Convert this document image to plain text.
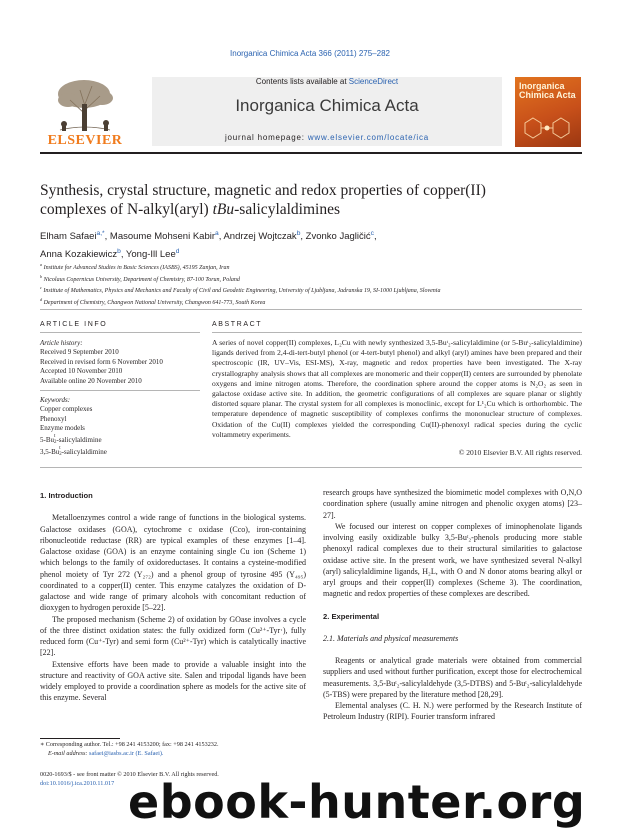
Inorganica Chimica Acta 366 (2011) 275–282
Contents lists available at ScienceDirect
Inorganica Chimica Acta
journal homepage: www.elsevier.com/locate/ica
ELSEVIER
Inorganica Chimica Acta
Synthesis, crystal structure, magnetic and redox properties of copper(II)
complexes of N-alkyl(aryl) tBu-salicylaldimines
Elham Safaei$^{a,*}$, Masoume Mohseni Kabir$^a$, Andrzej Wojtczak$^b$, Zvonko Jagličić$^c$,
Anna Kozakiewicz$^b$, Yong-Ill Lee$^d$
$^a$ Institute for Advanced Studies in Basic Sciences (IASBS), 45195 Zanjan, Iran
$^b$ Nicolaus Copernicus University, Department of Chemistry, 87-100 Torun, Poland
$^c$ Institute of Mathematics, Physics and Mechanics and Faculty of Civil and Geodetic Engineering, University of Ljubljana, Jadranska 19, SI-1000 Ljubljana, Slovenia
$^d$ Department of Chemistry, Changwon National University, Changwon 641-773, South Korea
ARTICLE INFO
Article history:
Received 9 September 2010
Received in revised form 6 November 2010
Accepted 10 November 2010
Available online 20 November 2010
Keywords:
Copper complexes
Phenoxyl
Enzyme models
5-Bu t
2 -salicylaldimine
3,5-Bu t
2 -salicylaldimine
ABSTRACT
A series of novel copper(II) complexes, L₂Cu with newly synthesized 3,5-Buᵗ₂-salicylaldimine (or 5-Buᵗ₂-salicylaldimine) ligands derived from 2,4-di-tert-butyl phenol (or 4-tert-butyl phenol) and alkyl (aryl) amines have been prepared and their spectroscopic (IR, UV–Vis, ESI-MS), X-ray, magnetic and redox properties have been investigated. The X-ray crystallography analysis shows that all complexes are monomeric and their copper(II) centers are surrounded by phenolate oxygens and imine nitrogen atoms. Therefore, the coordination sphere around the copper atoms is N₂O₂ as seen in galactose oxidase active site. In addition, the geometric configurations of all complexes are square planar or slightly distorted square planar. The crystal system for all complexes is monoclinic, except for L¹₂Cu which is orthorhombic. The temperature dependence of magnetic susceptibility of complexes confirms the mononuclear structure of complexes. Oxidation of the Cu(II) complexes yielded the corresponding Cu(II)-phenoxyl radical species during the cyclic voltammetry experiments.
© 2010 Elsevier B.V. All rights reserved.
1. Introduction

Metalloenzymes control a wide range of functions in the biological systems. Galactose oxidases (GOA), cytochrome c oxidase (Cco), iron-containing ribonucleotide reductase (RR) are typical examples of these enzymes [1–4]. Galactose oxidase (GOA) is an enzyme containing single Cu ion (Scheme 1) which belongs to the family of oxidoreductases. It contains a cysteine-modified phenol moiety of Tyr 272 (Y₂₇₂) and a phenol group of tyrosine 495 (Y₄₉₅) coordinated to a copper(II) center. This enzyme catalyzes the oxidation of D-galactose and wide range of primary alcohols with concomitant reduction of dioxygen to hydrogen peroxide [5–22].

The proposed mechanism (Scheme 2) of oxidation by GOase involves a cycle of the three distinct oxidation states: the fully oxidized form (Cu²⁺-Tyr·), fully reduced form (Cu⁺-Tyr) and semi form (Cu²⁺-Tyr) which is catalytically inactive [22].

Extensive efforts have been made to provide a valuable insight into the structure and reactivity of GOA active site. Salen and tripodal ligands have been widely employed to provide a coordination sphere as models for the active site of this enzyme. Several

research groups have synthesized the biomimetic model complexes with O,N,O coordination sphere (usually amine nitrogen and phenolic oxygen atoms) [23–27].

We focused our interest on copper complexes of iminophenolate ligands involving easily oxidizable bulky 3,5-Buᵗ₂-phenols producing more stable phenoxyl radical complexes due to their structural similarities to galactose oxidase active site. In the present work, we have synthesized several N-alkyl (aryl) salicylaldimine ligands, H₂L, with O and N donor atoms bearing alkyl or aryl groups and their copper(II) complexes (Scheme 3). The coordination, magnetic and redox properties of these complexes are described.

2. Experimental
2.1. Materials and physical measurements

Reagents or analytical grade materials were obtained from commercial suppliers and used without further purification, except those for electrochemical measurements. 3,5-Buᵗ₂-salicylaldehyde (3,5-DTBS) and 5-Buᵗ₂-salicylaldehyde (5-TBS) were prepared by the literature method [28,29].

Elemental analyses (C. H. N.) were performed by the Research Institute of Petroleum Industry (RIPI). Fourier transform infrared

∗ Corresponding author. Tel.: +98 241 4153200; fax: +98 241 4153232.
E-mail address: safaei@iasbs.ac.ir (E. Safaei).
0020-1693/$ - see front matter © 2010 Elsevier B.V. All rights reserved.
doi:10.1016/j.ica.2010.11.017 ebook-hunter.org
